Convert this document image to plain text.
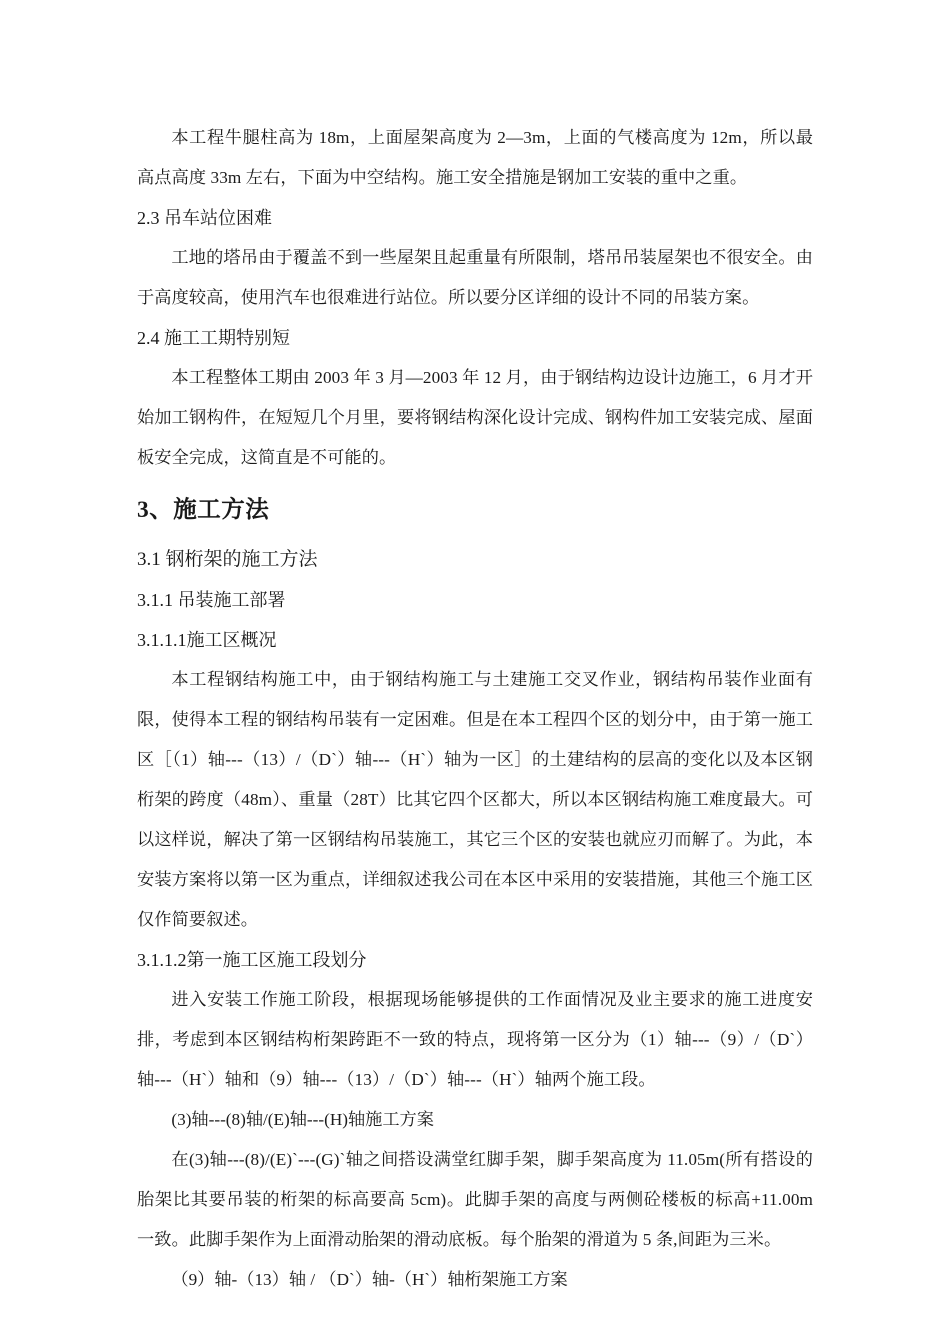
本工程牛腿柱高为 18m，上面屋架高度为 2—3m，上面的气楼高度为 12m，所以最高点高度 33m 左右，下面为中空结构。施工安全措施是钢加工安装的重中之重。

2.3 吊车站位困难

工地的塔吊由于覆盖不到一些屋架且起重量有所限制，塔吊吊装屋架也不很安全。由于高度较高，使用汽车也很难进行站位。所以要分区详细的设计不同的吊装方案。

2.4 施工工期特别短

本工程整体工期由 2003 年 3 月—2003 年 12 月，由于钢结构边设计边施工，6 月才开始加工钢构件，在短短几个月里，要将钢结构深化设计完成、钢构件加工安装完成、屋面板安全完成，这简直是不可能的。

3、施工方法

3.1 钢桁架的施工方法

3.1.1 吊装施工部署

3.1.1.1施工区概况

本工程钢结构施工中，由于钢结构施工与土建施工交叉作业，钢结构吊装作业面有限，使得本工程的钢结构吊装有一定困难。但是在本工程四个区的划分中，由于第一施工区［（1）轴---（13）/（D`）轴---（H`）轴为一区］的土建结构的层高的变化以及本区钢桁架的跨度（48m）、重量（28T）比其它四个区都大，所以本区钢结构施工难度最大。可以这样说，解决了第一区钢结构吊装施工，其它三个区的安装也就应刃而解了。为此，本安装方案将以第一区为重点，详细叙述我公司在本区中采用的安装措施，其他三个施工区仅作简要叙述。

3.1.1.2第一施工区施工段划分

进入安装工作施工阶段，根据现场能够提供的工作面情况及业主要求的施工进度安排，考虑到本区钢结构桁架跨距不一致的特点，现将第一区分为（1）轴---（9）/（D`）轴---（H`）轴和（9）轴---（13）/（D`）轴---（H`）轴两个施工段。

(3)轴---(8)轴/(E)轴---(H)轴施工方案

在(3)轴---(8)/(E)`---(G)`轴之间搭设满堂红脚手架，脚手架高度为 11.05m(所有搭设的胎架比其要吊装的桁架的标高要高 5cm)。此脚手架的高度与两侧砼楼板的标高+11.00m 一致。此脚手架作为上面滑动胎架的滑动底板。每个胎架的滑道为 5 条,间距为三米。

（9）轴-（13）轴 / （D`）轴-（H`）轴桁架施工方案
